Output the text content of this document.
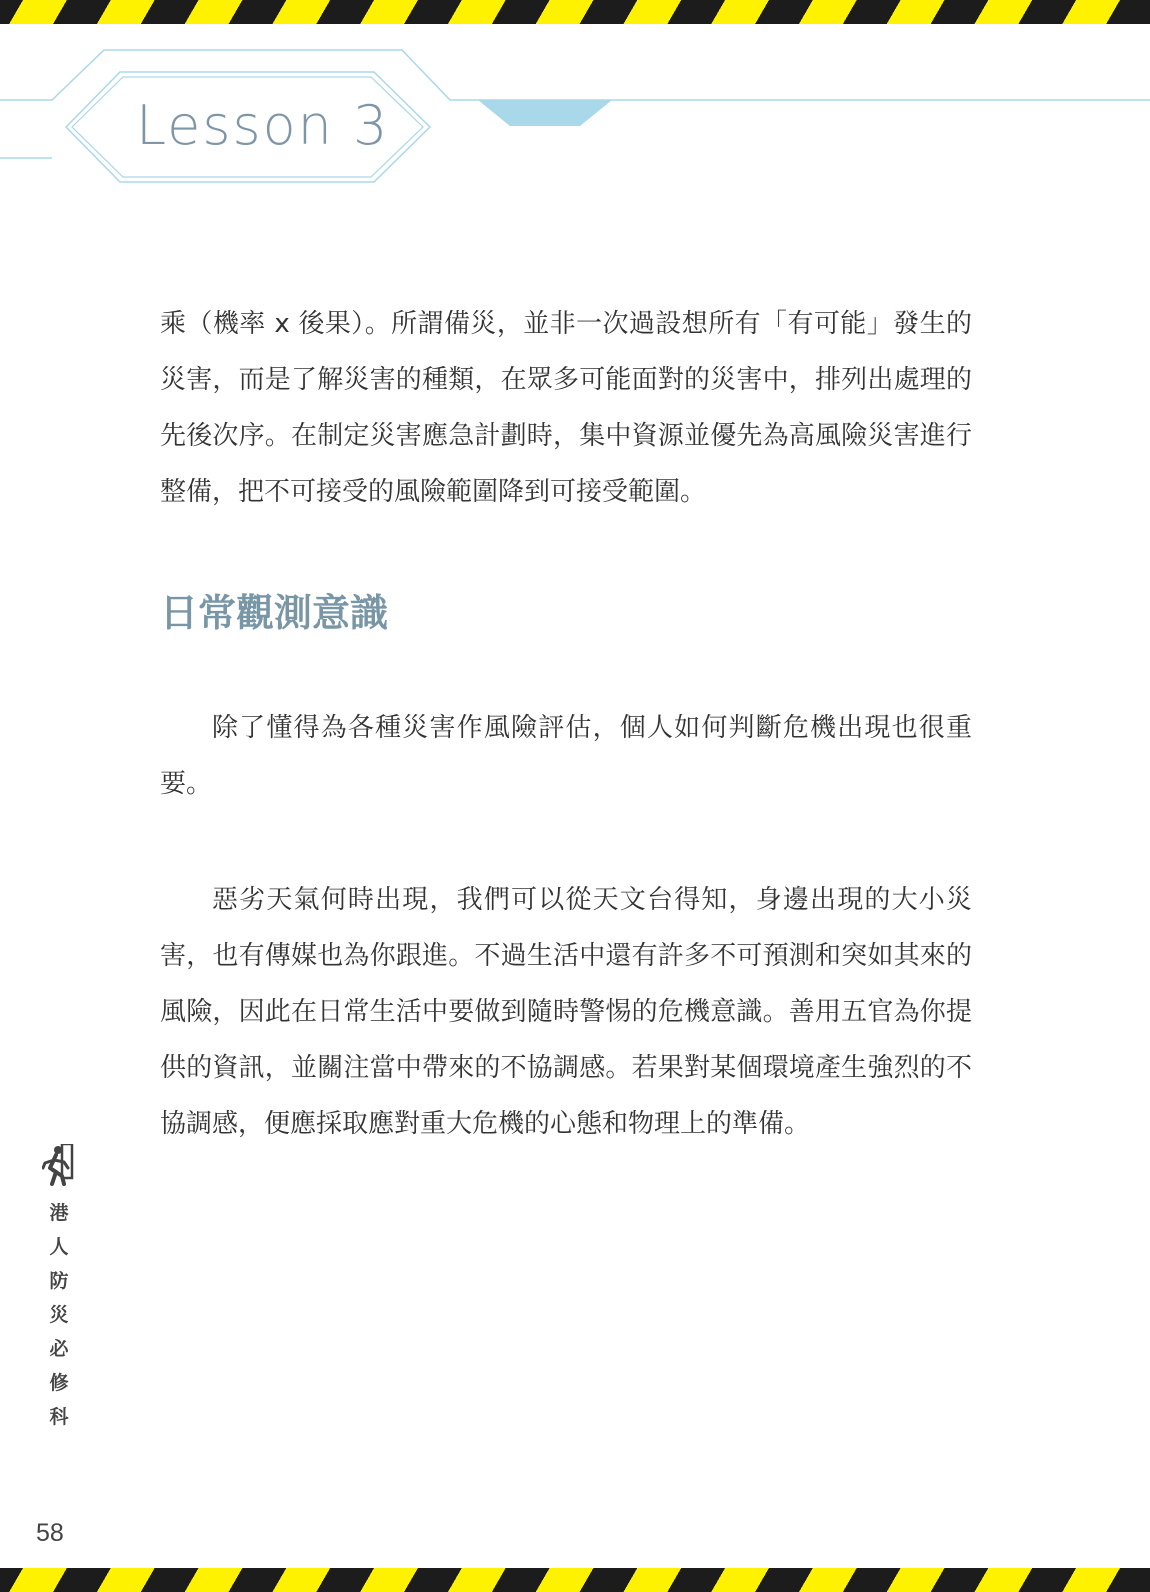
Lesson 3

乘（機率 x 後果）。所謂備災，並非一次過設想所有「有可能」發生的災害，而是了解災害的種類，在眾多可能面對的災害中，排列出處理的先後次序。在制定災害應急計劃時，集中資源並優先為高風險災害進行整備，把不可接受的風險範圍降到可接受範圍。

日常觀測意識

除了懂得為各種災害作風險評估，個人如何判斷危機出現也很重要。

惡劣天氣何時出現，我們可以從天文台得知，身邊出現的大小災害，也有傳媒也為你跟進。不過生活中還有許多不可預測和突如其來的風險，因此在日常生活中要做到隨時警惕的危機意識。善用五官為你提供的資訊，並關注當中帶來的不協調感。若果對某個環境產生強烈的不協調感，便應採取應對重大危機的心態和物理上的準備。

港
人
防
災
必
修
科

58
